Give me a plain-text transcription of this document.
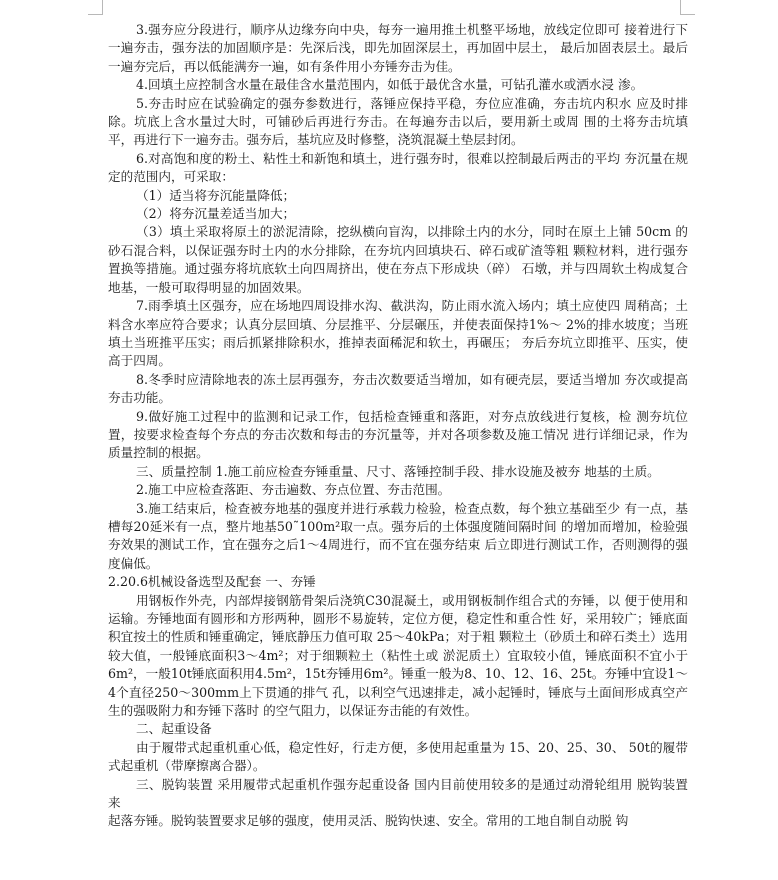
3.强夯应分段进行，顺序从边缘夯向中央，每夯一遍用推土机整平场地，放线定位即可 接着进行下一遍夯击，强夯法的加固顺序是：先深后浅，即先加固深层土，再加固中层土， 最后加固表层土。最后一遍夯完后，再以低能满夯一遍，如有条件用小夯锤夯击为佳。

4.回填土应控制含水量在最佳含水量范围内，如低于最优含水量，可钻孔灌水或洒水浸 渗。

5.夯击时应在试验确定的强夯参数进行，落锤应保持平稳，夯位应准确，夯击坑内积水 应及时排除。坑底上含水量过大时，可铺砂后再进行夯击。在每遍夯击以后，要用新土或周 围的土将夯击坑填平，再进行下一遍夯击。强夯后，基坑应及时修整，浇筑混凝土垫层封闭。

6.对高饱和度的粉土、粘性土和新饱和填土，进行强夯时，很难以控制最后两击的平均 夯沉量在规定的范围内，可采取：

（1）适当将夯沉能量降低；

（2）将夯沉量差适当加大；

（3）填土采取将原土的淤泥清除，挖纵横向盲沟，以排除土内的水分，同时在原土上铺 50cm 的砂石混合料，以保证强夯时土内的水分排除，在夯坑内回填块石、碎石或矿渣等粗 颗粒材料，进行强夯置换等措施。通过强夯将坑底软土向四周挤出，使在夯点下形成块（碎） 石墩，并与四周软土构成复合地基，一般可取得明显的加固效果。

7.雨季填土区强夯，应在场地四周设排水沟、截洪沟，防止雨水流入场内；填土应使四 周稍高；土料含水率应符合要求；认真分层回填、分层推平、分层碾压，并使表面保持1%～ 2%的排水坡度；当班填土当班推平压实；雨后抓紧排除积水，推掉表面稀泥和软土，再碾压； 夯后夯坑立即推平、压实，使高于四周。

8.冬季时应清除地表的冻土层再强夯，夯击次数要适当增加，如有硬壳层，要适当增加 夯次或提高夯击功能。

9.做好施工过程中的监测和记录工作，包括检查锤重和落距，对夯点放线进行复核，检 测夯坑位置，按要求检查每个夯点的夯击次数和每击的夯沉量等，并对各项参数及施工情况 进行详细记录，作为质量控制的根据。

三、质量控制 1.施工前应检查夯锤重量、尺寸、落锤控制手段、排水设施及被夯 地基的土质。

2.施工中应检查落距、夯击遍数、夯点位置、夯击范围。

3.施工结束后，检查被夯地基的强度并进行承载力检验，检查点数，每个独立基础至少 有一点，基槽每20延米有一点，整片地基50˜100m²取一点。强夯后的土体强度随间隔时间 的增加而增加，检验强夯效果的测试工作，宜在强夯之后1～4周进行，而不宜在强夯结束 后立即进行测试工作，否则测得的强度偏低。

2.20.6机械设备选型及配套 一、夯锤

用钢板作外壳，内部焊接钢筋骨架后浇筑C30混凝土，或用钢板制作组合式的夯锤，以 便于使用和运输。夯锤地面有圆形和方形两种，圆形不易旋转，定位方便，稳定性和重合性 好，采用较广；锤底面积宜按土的性质和锤重确定，锤底静压力值可取 25～40kPa；对于粗 颗粒土（砂质土和碎石类土）选用较大值，一般锤底面积3～4m²；对于细颗粒土（粘性土或 淤泥质土）宜取较小值，锤底面积不宜小于6m²，一般10t锤底面积用4.5m²，15t夯锤用6m²。锤重一般为8、10、12、16、25t。夯锤中宜设1～4个直径250～300mm上下贯通的排气 孔，以利空气迅速排走，减小起锤时，锤底与土面间形成真空产生的强吸附力和夯锤下落时 的空气阻力，以保证夯击能的有效性。

二、起重设备

由于履带式起重机重心低，稳定性好，行走方便，多使用起重量为 15、20、25、30、 50t的履带式起重机（带摩擦离合器）。

三、脱钩装置 采用履带式起重机作强夯起重设备 国内目前使用较多的是通过动滑轮组用 脱钩装置来

起落夯锤。脱钩装置要求足够的强度，使用灵活、脱钩快速、安全。常用的工地自制自动脱 钩
